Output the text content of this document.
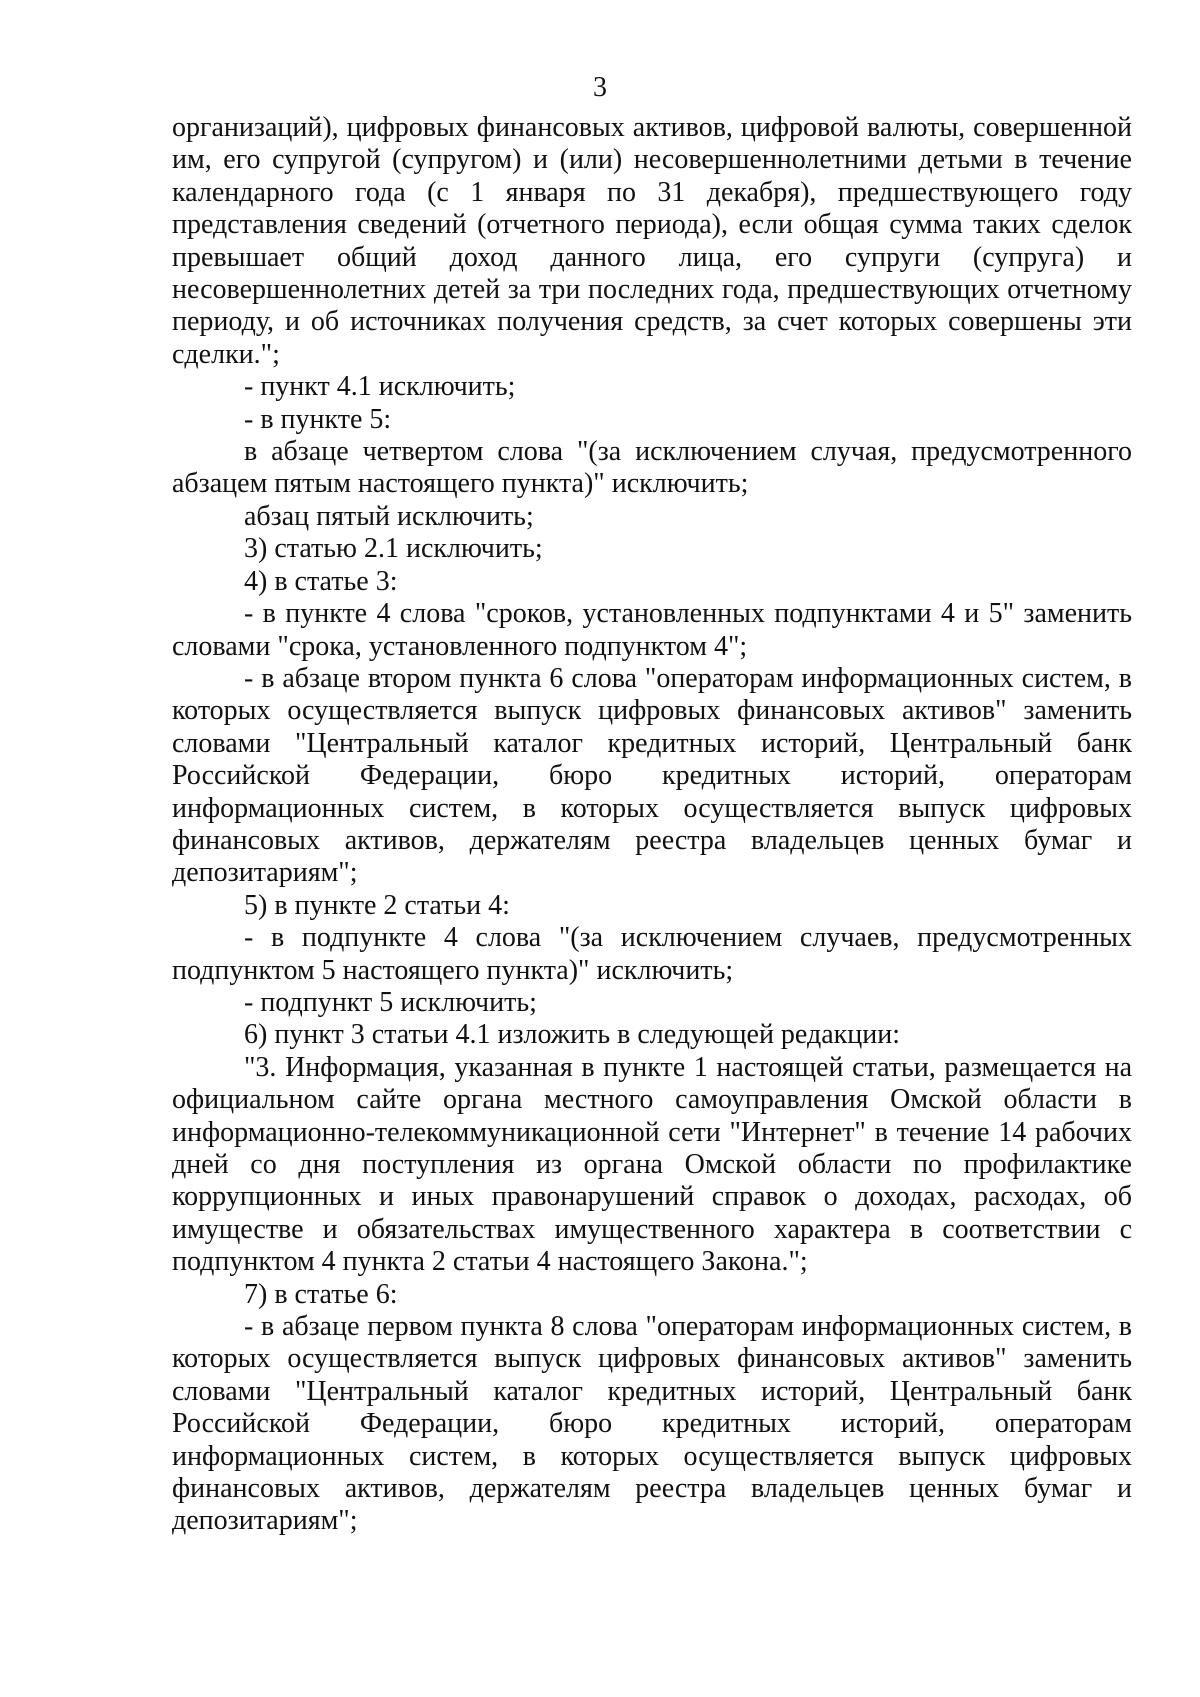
3

организаций), цифровых финансовых активов, цифровой валюты, совершенной им, его супругой (супругом) и (или) несовершеннолетними детьми в течение календарного года (с 1 января по 31 декабря), предшествующего году представления сведений (отчетного периода), если общая сумма таких сделок превышает общий доход данного лица, его супруги (супруга) и несовершеннолетних детей за три последних года, предшествующих отчетному периоду, и об источниках получения средств, за счет которых совершены эти сделки.";

- пункт 4.1 исключить;

- в пункте 5:

в абзаце четвертом слова "(за исключением случая, предусмотренного абзацем пятым настоящего пункта)" исключить;

абзац пятый исключить;

3) статью 2.1 исключить;

4) в статье 3:

- в пункте 4 слова "сроков, установленных подпунктами 4 и 5" заменить словами "срока, установленного подпунктом 4";

- в абзаце втором пункта 6 слова "операторам информационных систем, в которых осуществляется выпуск цифровых финансовых активов" заменить словами "Центральный каталог кредитных историй, Центральный банк Российской Федерации, бюро кредитных историй, операторам информационных систем, в которых осуществляется выпуск цифровых финансовых активов, держателям реестра владельцев ценных бумаг и депозитариям";

5) в пункте 2 статьи 4:

- в подпункте 4 слова "(за исключением случаев, предусмотренных подпунктом 5 настоящего пункта)" исключить;

- подпункт 5 исключить;

6) пункт 3 статьи 4.1 изложить в следующей редакции:

"3. Информация, указанная в пункте 1 настоящей статьи, размещается на официальном сайте органа местного самоуправления Омской области в информационно-телекоммуникационной сети "Интернет" в течение 14 рабочих дней со дня поступления из органа Омской области по профилактике коррупционных и иных правонарушений справок о доходах, расходах, об имуществе и обязательствах имущественного характера в соответствии с подпунктом 4 пункта 2 статьи 4 настоящего Закона.";

7) в статье 6:

- в абзаце первом пункта 8 слова "операторам информационных систем, в которых осуществляется выпуск цифровых финансовых активов" заменить словами "Центральный каталог кредитных историй, Центральный банк Российской Федерации, бюро кредитных историй, операторам информационных систем, в которых осуществляется выпуск цифровых финансовых активов, держателям реестра владельцев ценных бумаг и депозитариям";
